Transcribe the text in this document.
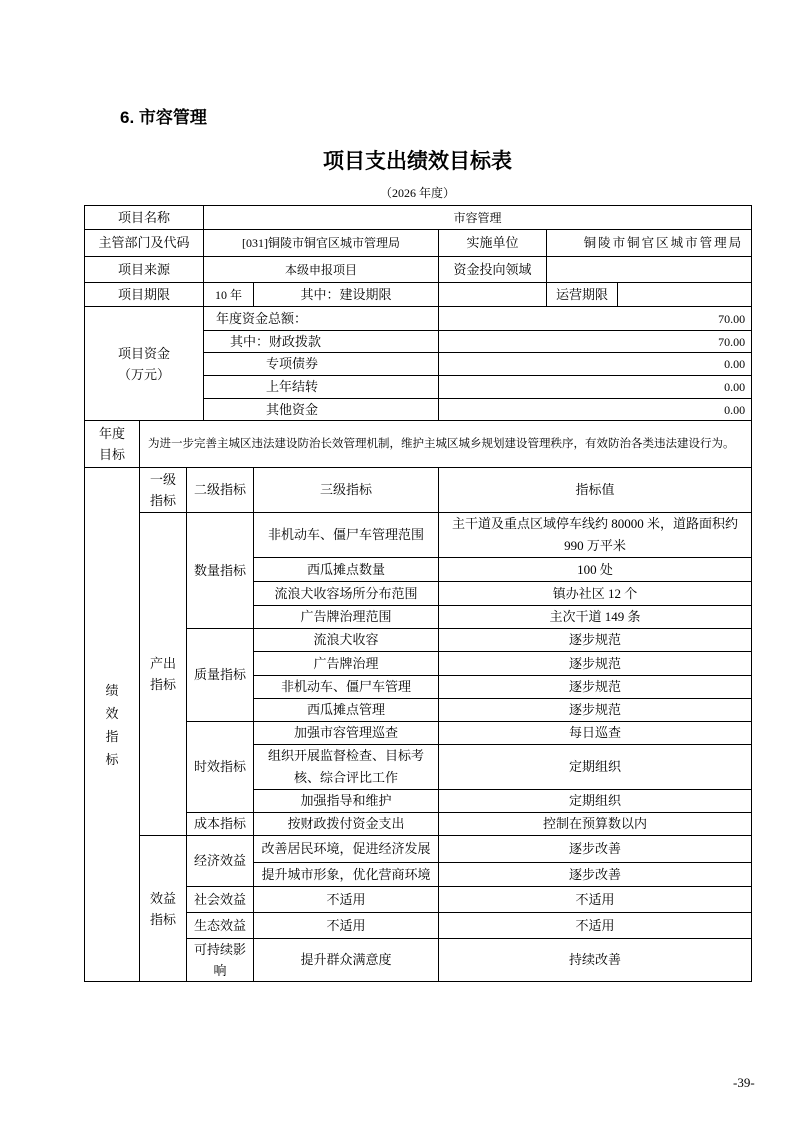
6. 市容管理
项目支出绩效目标表
（2026 年度）
项目名称			市容管理				
主管部门及代码			[031]铜陵市铜官区城市管理局		实施单位	铜陵市铜官区城市管理局	
项目来源			本级申报项目		资金投向领域		
项目期限			10 年	其中：建设期限		运营期限	
项目资金（万元）			年度资金总额：		70.00		
			其中：财政拨款		70.00		
			专项债券		0.00		
			上年结转		0.00		
			其他资金		0.00		
年度目标	为进一步完善主城区违法建设防治长效管理机制，维护主城区城乡规划建设管理秩序，有效防治各类违法建设行为。						
绩效指标	一级指标	二级指标		三级指标	指标值		
	产出指标	数量指标		非机动车、僵尸车管理范围	主干道及重点区域停车线约 80000 米，道路面积约 990 万平米		
				西瓜摊点数量	100 处		
				流浪犬收容场所分布范围	镇办社区 12 个		
				广告牌治理范围	主次干道 149 条		
		质量指标		流浪犬收容	逐步规范		
				广告牌治理	逐步规范		
				非机动车、僵尸车管理	逐步规范		
				西瓜摊点管理	逐步规范		
		时效指标		加强市容管理巡查	每日巡查		
				组织开展监督检查、目标考核、综合评比工作	定期组织		
				加强指导和维护	定期组织		
		成本指标		按财政拨付资金支出	控制在预算数以内		
	效益指标	经济效益		改善居民环境，促进经济发展	逐步改善		
				提升城市形象，优化营商环境	逐步改善		
		社会效益		不适用	不适用		
		生态效益		不适用	不适用		
		可持续影响		提升群众满意度	持续改善		
-39-
